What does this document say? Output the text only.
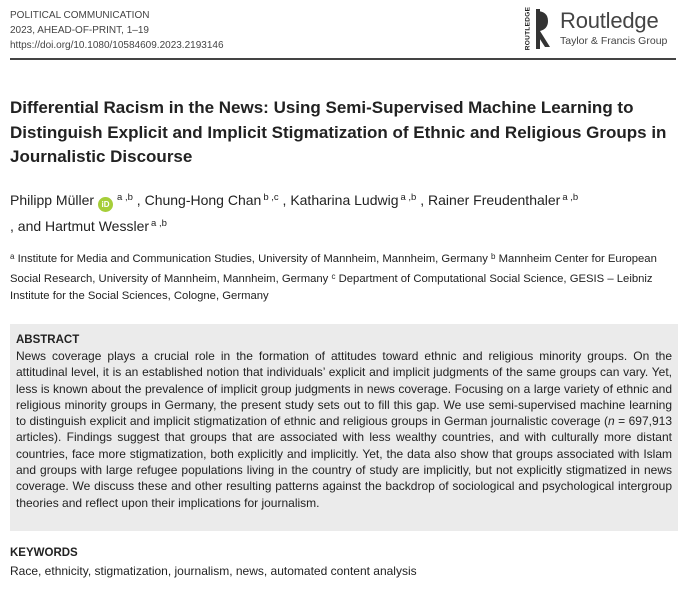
POLITICAL COMMUNICATION
2023, AHEAD-OF-PRINT, 1–19
https://doi.org/10.1080/10584609.2023.2193146	ROUTLEDGE Routledge
Taylor & Francis Group
Differential Racism in the News: Using Semi-Supervised Machine Learning to Distinguish Explicit and Implicit Stigmatization of Ethnic and Religious Groups in Journalistic Discourse
Philipp Müller iD$^{a ,b}$ , Chung-Hong Chan $^{b ,c}$ , Katharina Ludwig $^{a ,b}$ , Rainer Freudenthaler $^{a ,b}$
, and Hartmut Wessler $^{a ,b}$
$^a$ Institute for Media and Communication Studies, University of Mannheim, Mannheim, Germany $^b$ Mannheim Center for European Social Research, University of Mannheim, Mannheim, Germany $^c$ Department of Computational Social Science, GESIS – Leibniz Institute for the Social Sciences, Cologne, Germany
ABSTRACT
News coverage plays a crucial role in the formation of attitudes toward ethnic and religious minority groups. On the attitudinal level, it is an established notion that individuals’ explicit and implicit judgments of the same groups can vary. Yet, less is known about the prevalence of implicit group judgments in news coverage. Focusing on a large variety of ethnic and religious minority groups in Germany, the present study sets out to fill this gap. We use semi-supervised machine learning to distinguish explicit and implicit stigmatization of ethnic and religious groups in German journalistic coverage (n = 697,913 articles). Findings suggest that groups that are associated with less wealthy countries, and with culturally more distant countries, face more stigmatization, both explicitly and implicitly. Yet, the data also show that groups associated with Islam and groups with large refugee populations living in the country of study are implicitly, but not explicitly stigmatized in news coverage. We discuss these and other resulting patterns against the backdrop of sociological and psychological intergroup theories and reflect upon their implications for journalism.
KEYWORDS
Race, ethnicity, stigmatization, journalism, news, automated content analysis
